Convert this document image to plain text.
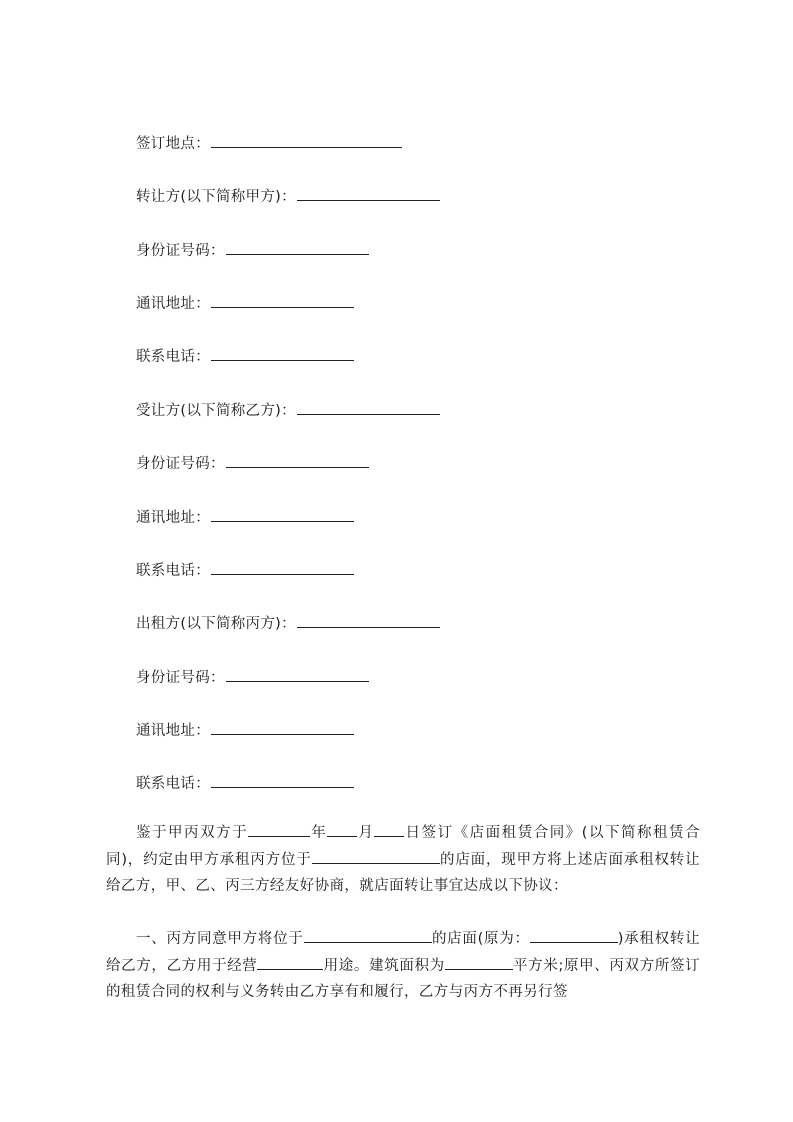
签订地点：
转让方(以下简称甲方)：
身份证号码：
通讯地址：
联系电话：
受让方(以下简称乙方)：
身份证号码：
通讯地址：
联系电话：
出租方(以下简称丙方)：
身份证号码：
通讯地址：
联系电话：

鉴于甲丙双方于	年 月 日签订《店面租赁合同》(以下简称租赁合同)，约定由甲方承租丙方位于	的店面，现甲方将上述店面承租权转让给乙方，甲、乙、丙三方经友好协商，就店面转让事宜达成以下协议：

一、丙方同意甲方将位于	的店面(原为：	)承租权转让给乙方，乙方用于经营	用途。建筑面积为	平方米;原甲、丙双方所签订的租赁合同的权利与义务转由乙方享有和履行，乙方与丙方不再另行签
